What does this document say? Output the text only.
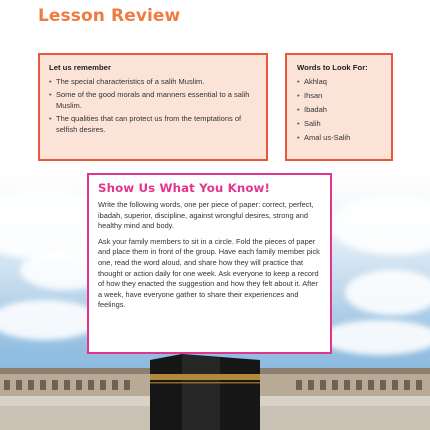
Lesson Review
Let us remember
• The special characteristics of a salih Muslim.
• Some of the good morals and manners essential to a salih Muslim.
• The qualities that can protect us from the temptations of selfish desires.
Words to Look For:
• Akhlaq
• Ihsan
• Ibadah
• Salih
• Amal us-Salih
Show Us What You Know!

Write the following words, one per piece of paper: correct, perfect, ibadah, superior, discipline, against wrongful desires, strong and healthy mind and body.

Ask your family members to sit in a circle. Fold the pieces of paper and place them in front of the group. Have each family member pick one, read the word aloud, and share how they will practice that thought or action daily for one week. Ask everyone to keep a record of how they enacted the suggestion and how they felt about it. After a week, have everyone gather to share their experiences and feelings.
